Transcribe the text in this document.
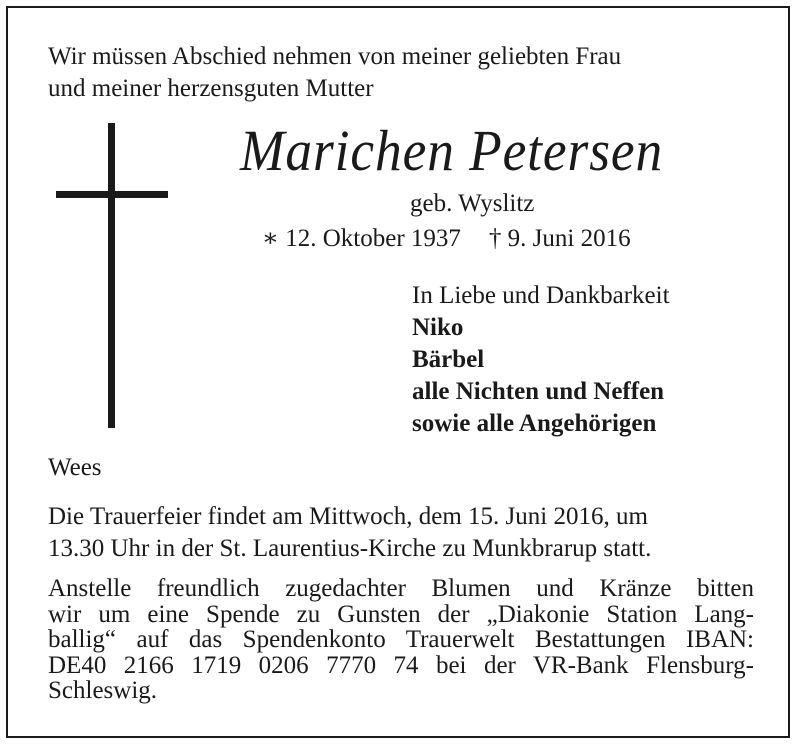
Wir müssen Abschied nehmen von meiner geliebten Frau
und meiner herzensguten Mutter
Marichen Petersen
geb. Wyslitz
∗ 12. Oktober 1937 † 9. Juni 2016
In Liebe und Dankbarkeit
Niko
Bärbel
alle Nichten und Neffen
sowie alle Angehörigen
Wees
Die Trauerfeier findet am Mittwoch, dem 15. Juni 2016, um
13.30 Uhr in der St. Laurentius-Kirche zu Munkbrarup statt.
Anstelle freundlich zugedachter Blumen und Kränze bitten
wir um eine Spende zu Gunsten der „Diakonie Station Lang-
ballig“ auf das Spendenkonto Trauerwelt Bestattungen IBAN:
DE40 2166 1719 0206 7770 74 bei der VR-Bank Flensburg-
Schleswig.
